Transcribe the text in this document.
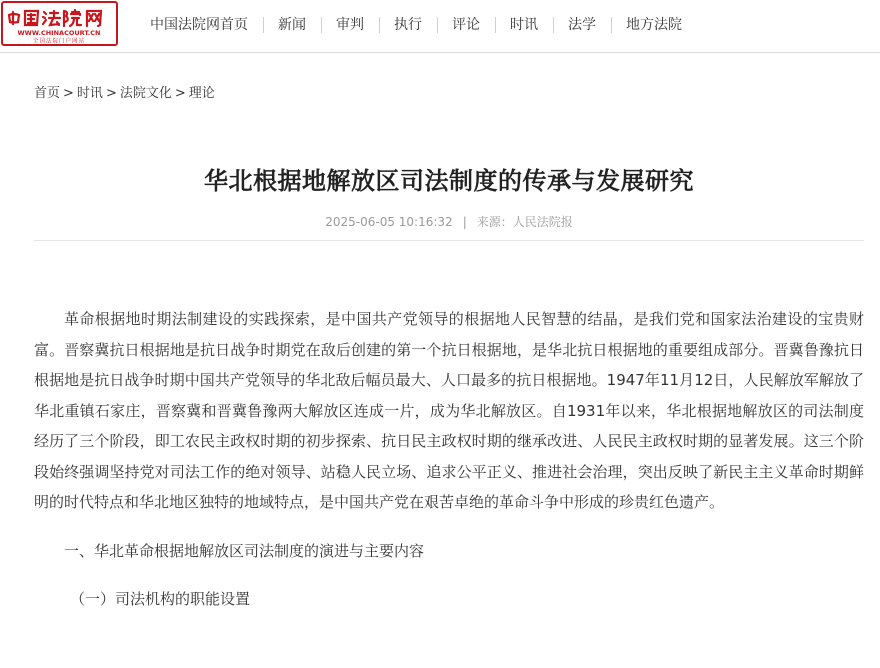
WWW.CHINACOURT.CN
全国法院门户网站
中国法院网首页	新闻	审判	执行	评论	时讯	法学	地方法院
首页 > 时讯 > 法院文化 > 理论
华北根据地解放区司法制度的传承与发展研究
2025-06-05 10:16:32 | 来源：人民法院报

革命根据地时期法制建设的实践探索，是中国共产党领导的根据地人民智慧的结晶，是我们党和国家法治建设的宝贵财富。晋察冀抗日根据地是抗日战争时期党在敌后创建的第一个抗日根据地，是华北抗日根据地的重要组成部分。晋冀鲁豫抗日根据地是抗日战争时期中国共产党领导的华北敌后幅员最大、人口最多的抗日根据地。1947年11月12日，人民解放军解放了华北重镇石家庄，晋察冀和晋冀鲁豫两大解放区连成一片，成为华北解放区。自1931年以来，华北根据地解放区的司法制度经历了三个阶段，即工农民主政权时期的初步探索、抗日民主政权时期的继承改进、人民民主政权时期的显著发展。这三个阶段始终强调坚持党对司法工作的绝对领导、站稳人民立场、追求公平正义、推进社会治理，突出反映了新民主主义革命时期鲜明的时代特点和华北地区独特的地域特点，是中国共产党在艰苦卓绝的革命斗争中形成的珍贵红色遗产。

一、华北革命根据地解放区司法制度的演进与主要内容

（一）司法机构的职能设置
